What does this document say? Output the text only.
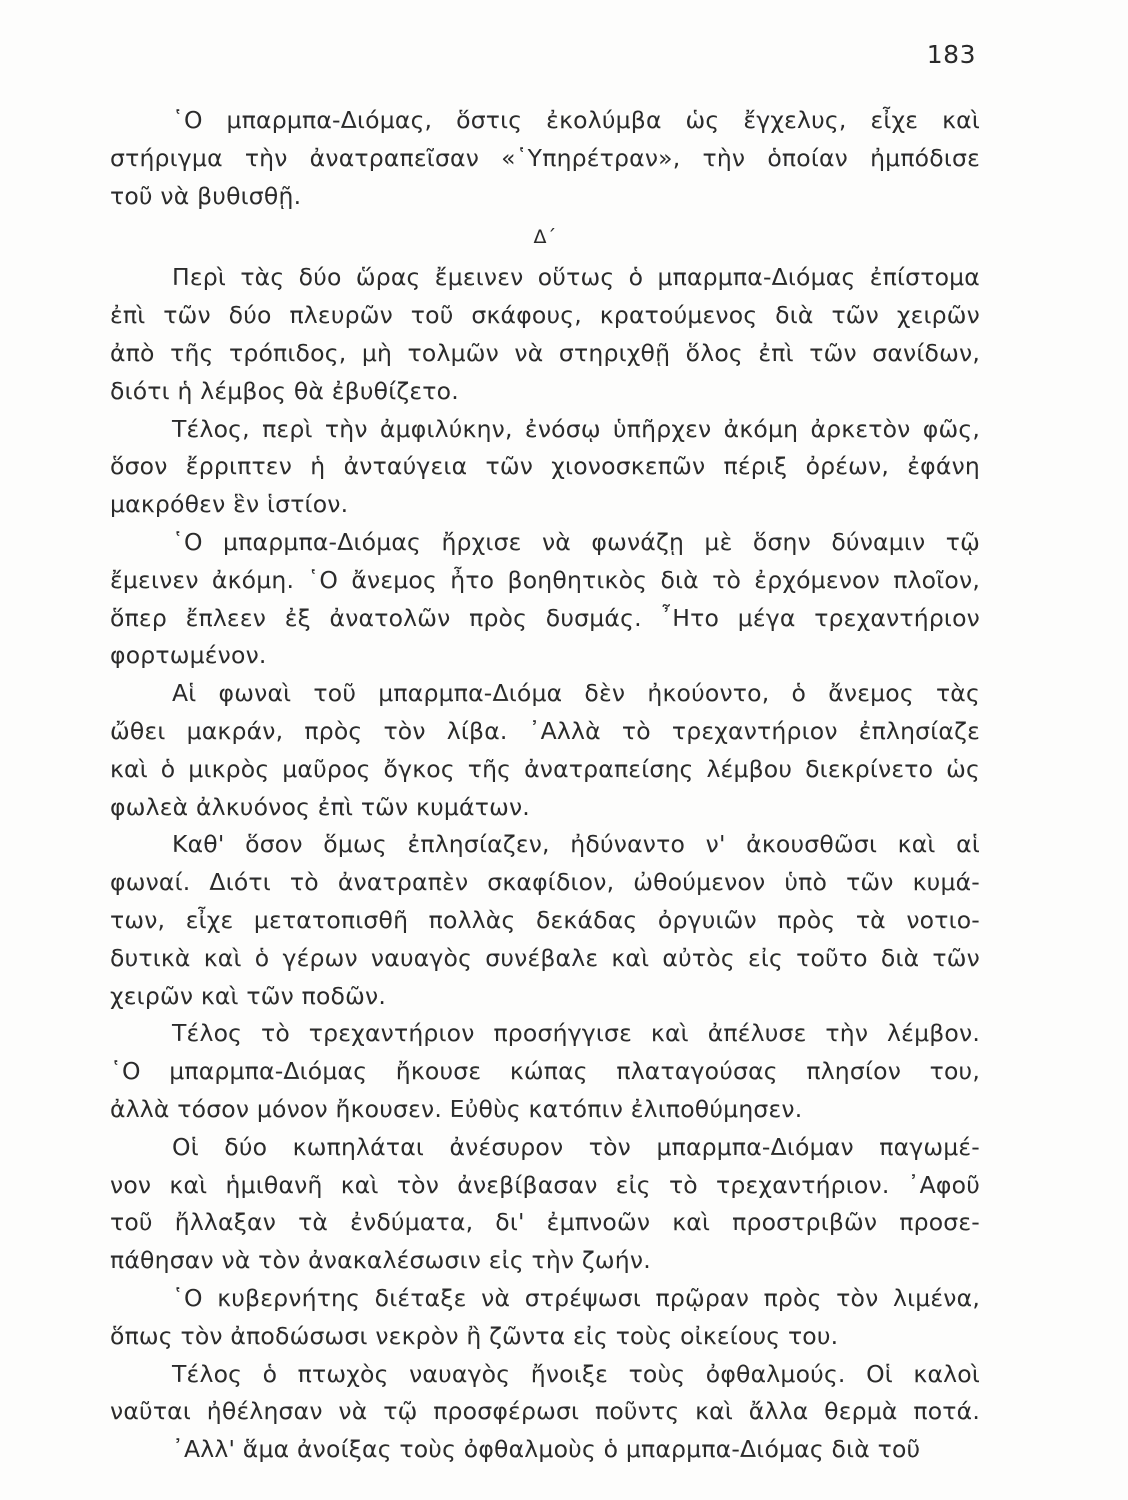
183
῾Ο μπαρμπα-Διόμας, ὅστις ἐκολύμβα ὡς ἔγχελυς, εἶχε καὶ
στήριγμα τὴν ἀνατραπεῖσαν «῾Υπηρέτραν», τὴν ὁποίαν ἠμπόδισε
τοῦ νὰ βυθισθῇ.
Δ΄
Περὶ τὰς δύο ὥρας ἔμεινεν οὕτως ὁ μπαρμπα-Διόμας ἐπίστομα
ἐπὶ τῶν δύο πλευρῶν τοῦ σκάφους, κρατούμενος διὰ τῶν χειρῶν
ἀπὸ τῆς τρόπιδος, μὴ τολμῶν νὰ στηριχθῇ ὅλος ἐπὶ τῶν σανίδων,
διότι ἡ λέμβος θὰ ἐβυθίζετο.
Τέλος, περὶ τὴν ἀμφιλύκην, ἐνόσῳ ὑπῆρχεν ἀκόμη ἀρκετὸν φῶς,
ὅσον ἔρριπτεν ἡ ἀνταύγεια τῶν χιονοσκεπῶν πέριξ ὀρέων, ἐφάνη
μακρόθεν ἓν ἱστίον.
῾Ο μπαρμπα-Διόμας ἤρχισε νὰ φωνάζῃ μὲ ὅσην δύναμιν τῷ
ἔμεινεν ἀκόμη. ῾Ο ἄνεμος ἦτο βοηθητικὸς διὰ τὸ ἐρχόμενον πλοῖον,
ὅπερ ἔπλεεν ἐξ ἀνατολῶν πρὸς δυσμάς. ῏Ητο μέγα τρεχαντήριον
φορτωμένον.
Αἱ φωναὶ τοῦ μπαρμπα-Διόμα δὲν ἠκούοντο, ὁ ἄνεμος τὰς
ὤθει μακράν, πρὸς τὸν λίβα. ᾿Αλλὰ τὸ τρεχαντήριον ἐπλησίαζε
καὶ ὁ μικρὸς μαῦρος ὄγκος τῆς ἀνατραπείσης λέμβου διεκρίνετο ὡς
φωλεὰ ἀλκυόνος ἐπὶ τῶν κυμάτων.
Καθ' ὅσον ὅμως ἐπλησίαζεν, ἠδύναντο ν' ἀκουσθῶσι καὶ αἱ
φωναί. Διότι τὸ ἀνατραπὲν σκαφίδιον, ὠθούμενον ὑπὸ τῶν κυμά-
των, εἶχε μετατοπισθῆ πολλὰς δεκάδας ὀργυιῶν πρὸς τὰ νοτιο-
δυτικὰ καὶ ὁ γέρων ναυαγὸς συνέβαλε καὶ αὐτὸς εἰς τοῦτο διὰ τῶν
χειρῶν καὶ τῶν ποδῶν.
Τέλος τὸ τρεχαντήριον προσήγγισε καὶ ἀπέλυσε τὴν λέμβον.
῾Ο μπαρμπα-Διόμας ἤκουσε κώπας πλαταγούσας πλησίον του,
ἀλλὰ τόσον μόνον ἤκουσεν. Εὐθὺς κατόπιν ἐλιποθύμησεν.
Οἱ δύο κωπηλάται ἀνέσυρον τὸν μπαρμπα-Διόμαν παγωμέ-
νον καὶ ἡμιθανῆ καὶ τὸν ἀνεβίβασαν εἰς τὸ τρεχαντήριον. ᾿Αφοῦ
τοῦ ἤλλαξαν τὰ ἐνδύματα, δι' ἐμπνοῶν καὶ προστριβῶν προσε-
πάθησαν νὰ τὸν ἀνακαλέσωσιν εἰς τὴν ζωήν.
῾Ο κυβερνήτης διέταξε νὰ στρέψωσι πρῷραν πρὸς τὸν λιμένα,
ὅπως τὸν ἀποδώσωσι νεκρὸν ἢ ζῶντα εἰς τοὺς οἰκείους του.
Τέλος ὁ πτωχὸς ναυαγὸς ἤνοιξε τοὺς ὀφθαλμούς. Οἱ καλοὶ
ναῦται ἠθέλησαν νὰ τῷ προσφέρωσι ποῦντς καὶ ἄλλα θερμὰ ποτά.
᾿Αλλ' ἅμα ἀνοίξας τοὺς ὀφθαλμοὺς ὁ μπαρμπα-Διόμας διὰ τοῦ
